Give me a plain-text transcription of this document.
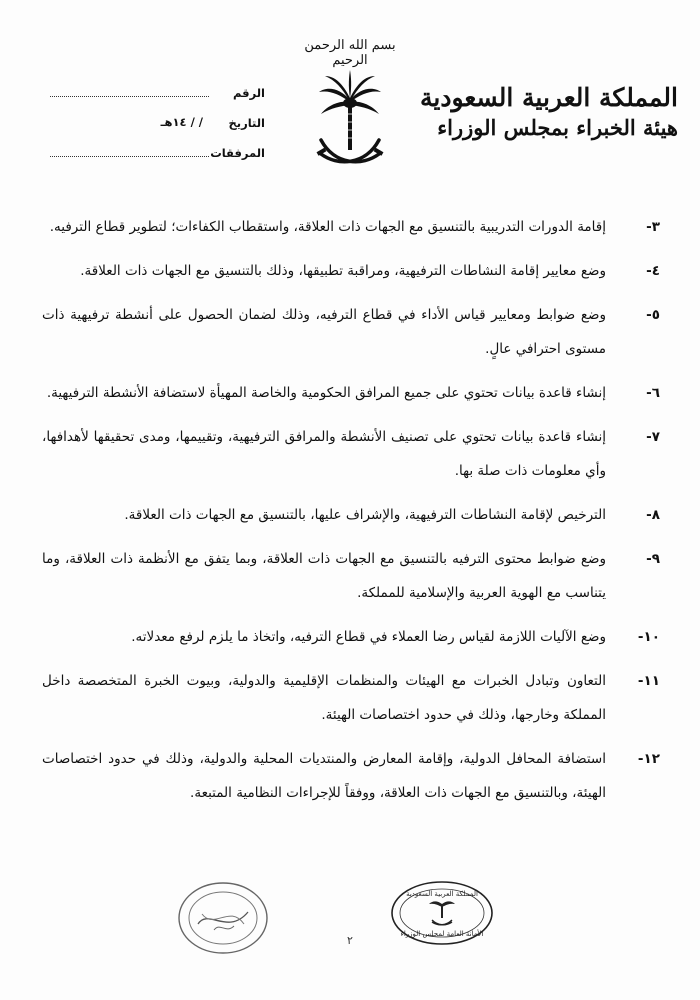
بسم الله الرحمن الرحيم
المملكة العربية السعودية
هيئة الخبراء بمجلس الوزراء
الرقم
التاريخ
/ / ١٤هـ
المرفقات
٣-
إقامة الدورات التدريبية بالتنسيق مع الجهات ذات العلاقة، واستقطاب الكفاءات؛ لتطوير قطاع الترفيه.
٤-
وضع معايير إقامة النشاطات الترفيهية، ومراقبة تطبيقها، وذلك بالتنسيق مع الجهات ذات العلاقة.
٥-
وضع ضوابط ومعايير قياس الأداء في قطاع الترفيه، وذلك لضمان الحصول على أنشطة ترفيهية ذات مستوى احترافي عالٍ.
٦-
إنشاء قاعدة بيانات تحتوي على جميع المرافق الحكومية والخاصة المهيأة لاستضافة الأنشطة الترفيهية.
٧-
إنشاء قاعدة بيانات تحتوي على تصنيف الأنشطة والمرافق الترفيهية، وتقييمها، ومدى تحقيقها لأهدافها، وأي معلومات ذات صلة بها.
٨-
الترخيص لإقامة النشاطات الترفيهية، والإشراف عليها، بالتنسيق مع الجهات ذات العلاقة.
٩-
وضع ضوابط محتوى الترفيه بالتنسيق مع الجهات ذات العلاقة، وبما يتفق مع الأنظمة ذات العلاقة، وما يتناسب مع الهوية العربية والإسلامية للمملكة.
١٠-
وضع الآليات اللازمة لقياس رضا العملاء في قطاع الترفيه، واتخاذ ما يلزم لرفع معدلاته.
١١-
التعاون وتبادل الخبرات مع الهيئات والمنظمات الإقليمية والدولية، وبيوت الخبرة المتخصصة داخل المملكة وخارجها، وذلك في حدود اختصاصات الهيئة.
١٢-
استضافة المحافل الدولية، وإقامة المعارض والمنتديات المحلية والدولية، وذلك في حدود اختصاصات الهيئة، وبالتنسيق مع الجهات ذات العلاقة، ووفقاً للإجراءات النظامية المتبعة.
٢
المملكة العربية السعودية
الأمانة العامة لمجلس الوزراء
